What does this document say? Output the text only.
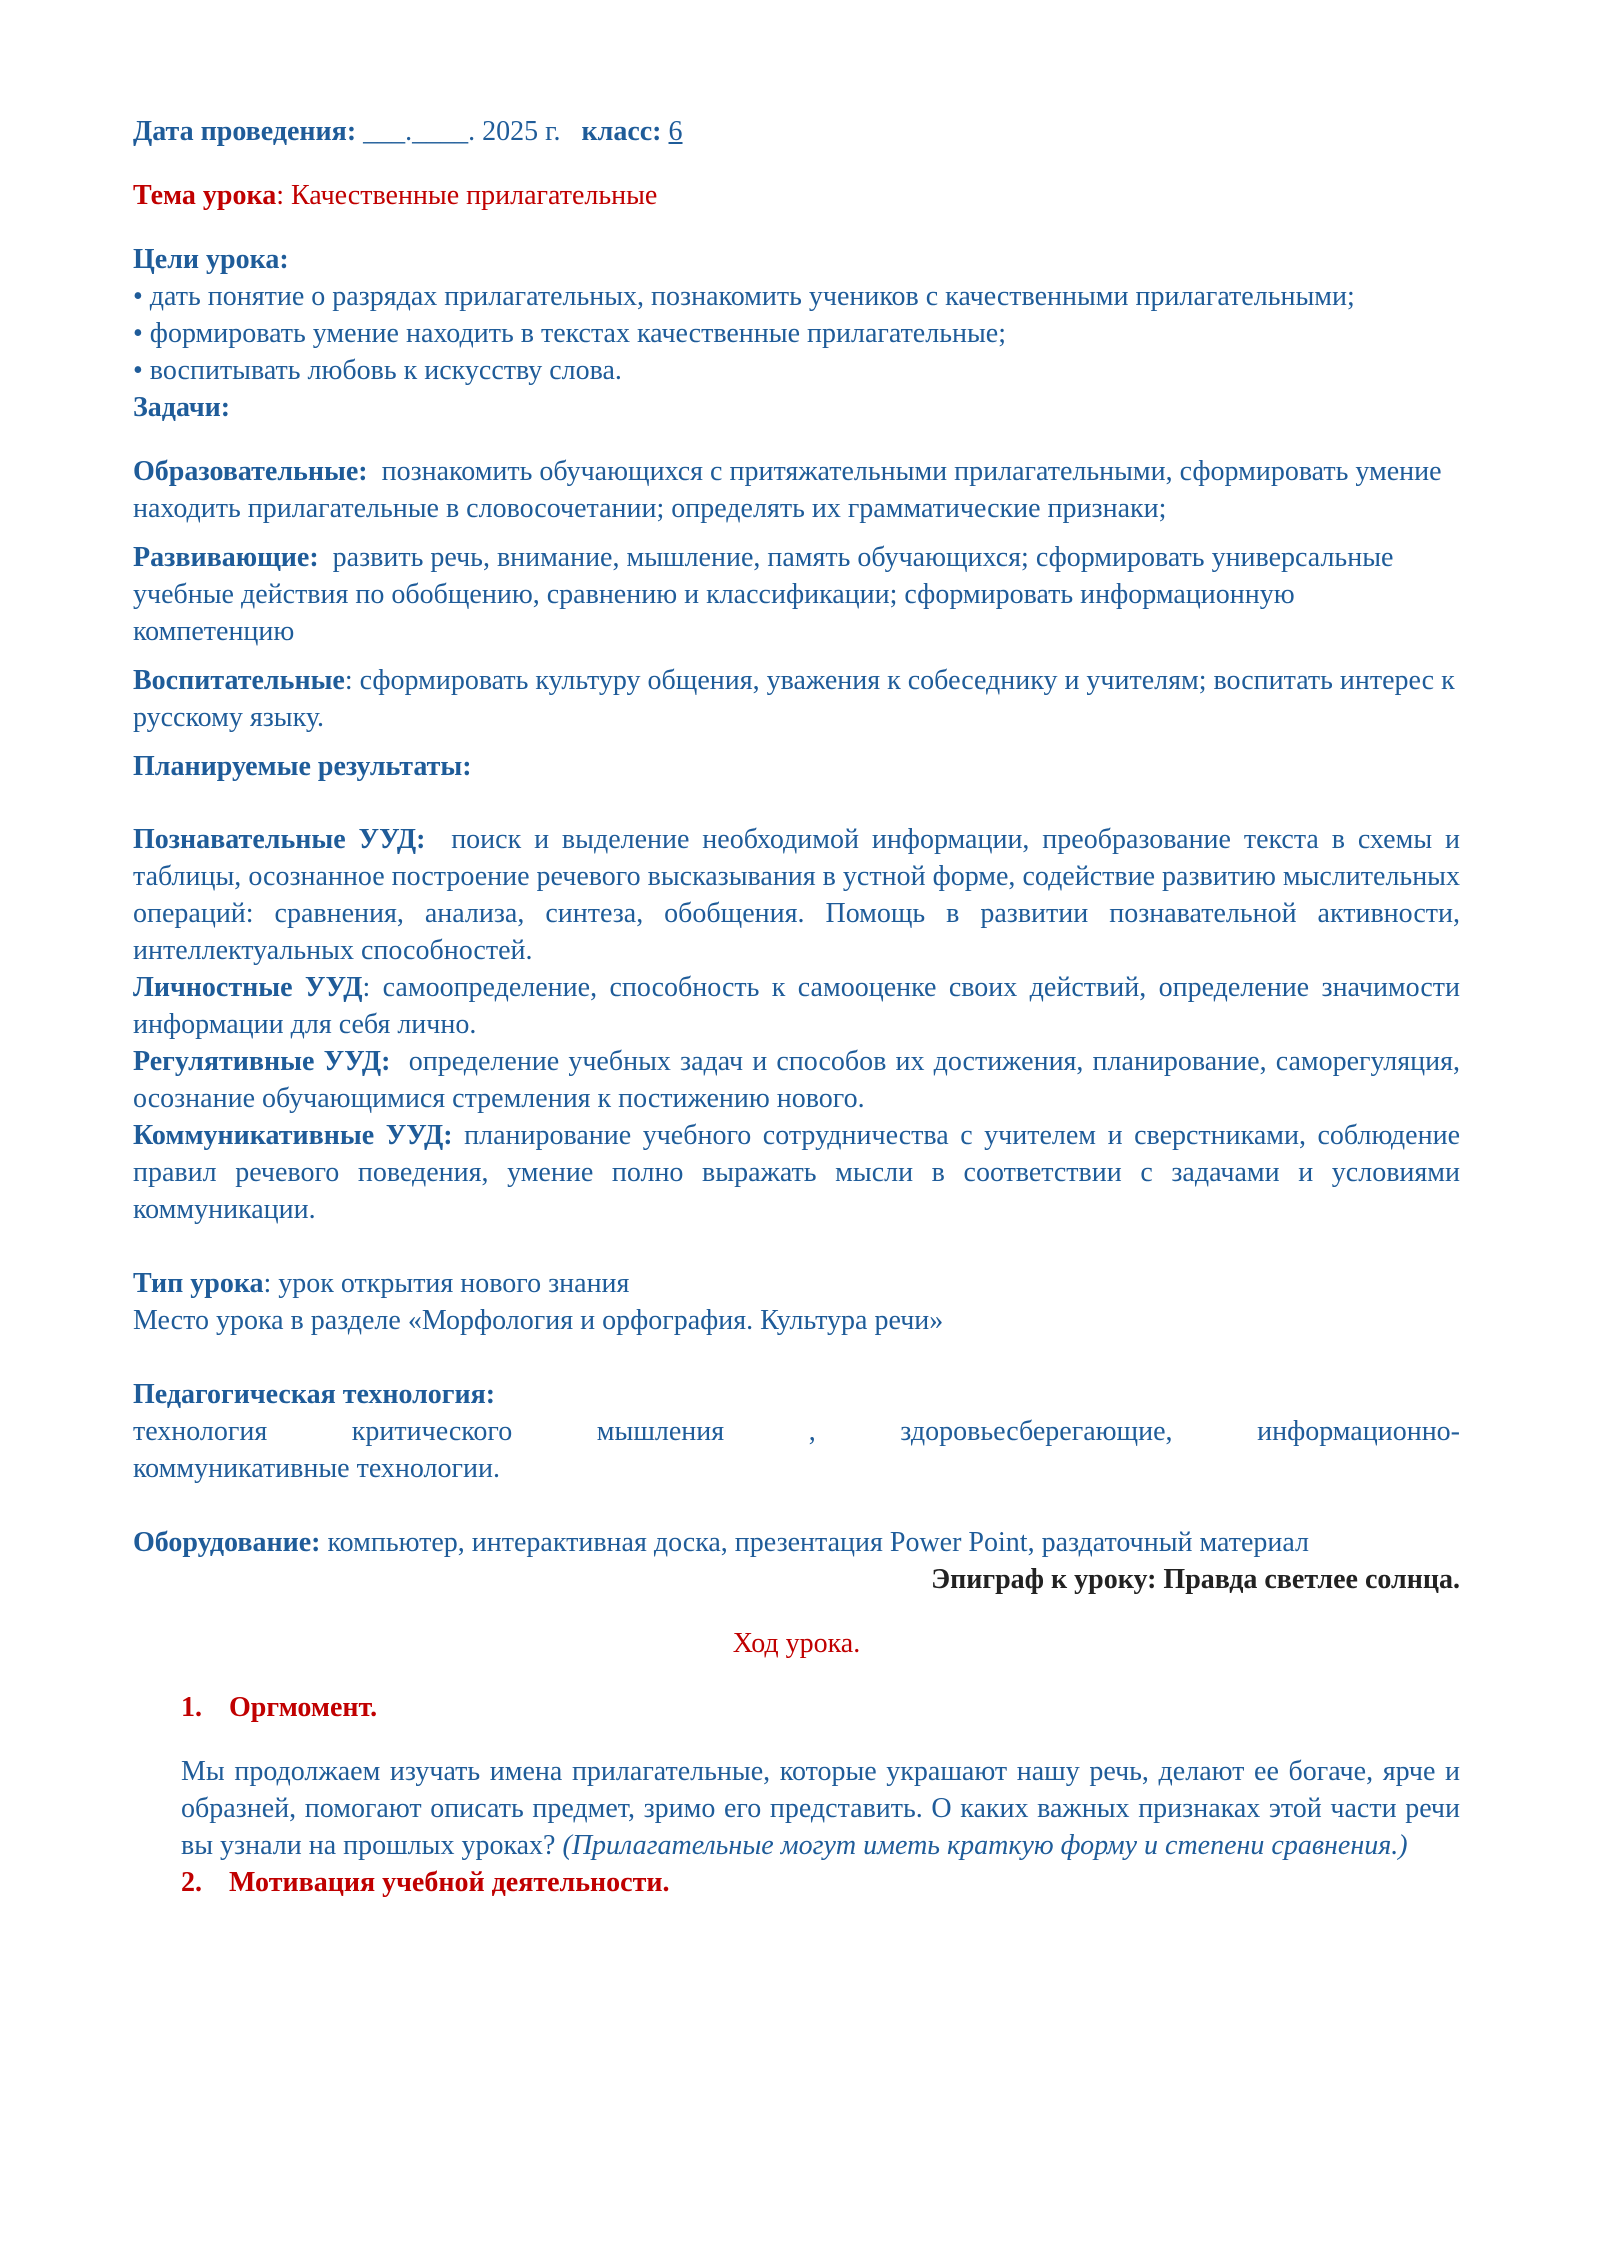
Дата проведения: ___.____. 2025 г. класс: 6

Тема урока: Качественные прилагательные

Цели урока:

• дать понятие о разрядах прилагательных, познакомить учеников с качественными прилагательными;

• формировать умение находить в текстах качественные прилагательные;

• воспитывать любовь к искусству слова.

Задачи:

Образовательные: познакомить обучающихся с притяжательными прилагательными, сформировать умение находить прилагательные в словосочетании; определять их грамматические признаки;

Развивающие: развить речь, внимание, мышление, память обучающихся; сформировать универсальные учебные действия по обобщению, сравнению и классификации; сформировать информационную компетенцию

Воспитательные: сформировать культуру общения, уважения к собеседнику и учителям; воспитать интерес к русскому языку.

Планируемые результаты:

Познавательные УУД: поиск и выделение необходимой информации, преобразование текста в схемы и таблицы, осознанное построение речевого высказывания в устной форме, содействие развитию мыслительных операций: сравнения, анализа, синтеза, обобщения. Помощь в развитии познавательной активности, интеллектуальных способностей.

Личностные УУД: самоопределение, способность к самооценке своих действий, определение значимости информации для себя лично.

Регулятивные УУД: определение учебных задач и способов их достижения, планирование, саморегуляция, осознание обучающимися стремления к постижению нового.

Коммуникативные УУД: планирование учебного сотрудничества с учителем и сверстниками, соблюдение правил речевого поведения, умение полно выражать мысли в соответствии с задачами и условиями коммуникации.

Тип урока: урок открытия нового знания

Место урока в разделе «Морфология и орфография. Культура речи»

Педагогическая технология:

технология критического мышления , здоровьесберегающие, информационно-

коммуникативные технологии.

Оборудование: компьютер, интерактивная доска, презентация Power Point, раздаточный материал

Эпиграф к уроку: Правда светлее солнца.

Ход урока.

1. Оргмомент.

Мы продолжаем изучать имена прилагательные, которые украшают нашу речь, делают ее богаче, ярче и образней, помогают описать предмет, зримо его представить. О каких важных признаках этой части речи вы узнали на прошлых уроках? (Прилагательные могут иметь краткую форму и степени сравнения.)

2. Мотивация учебной деятельности.
